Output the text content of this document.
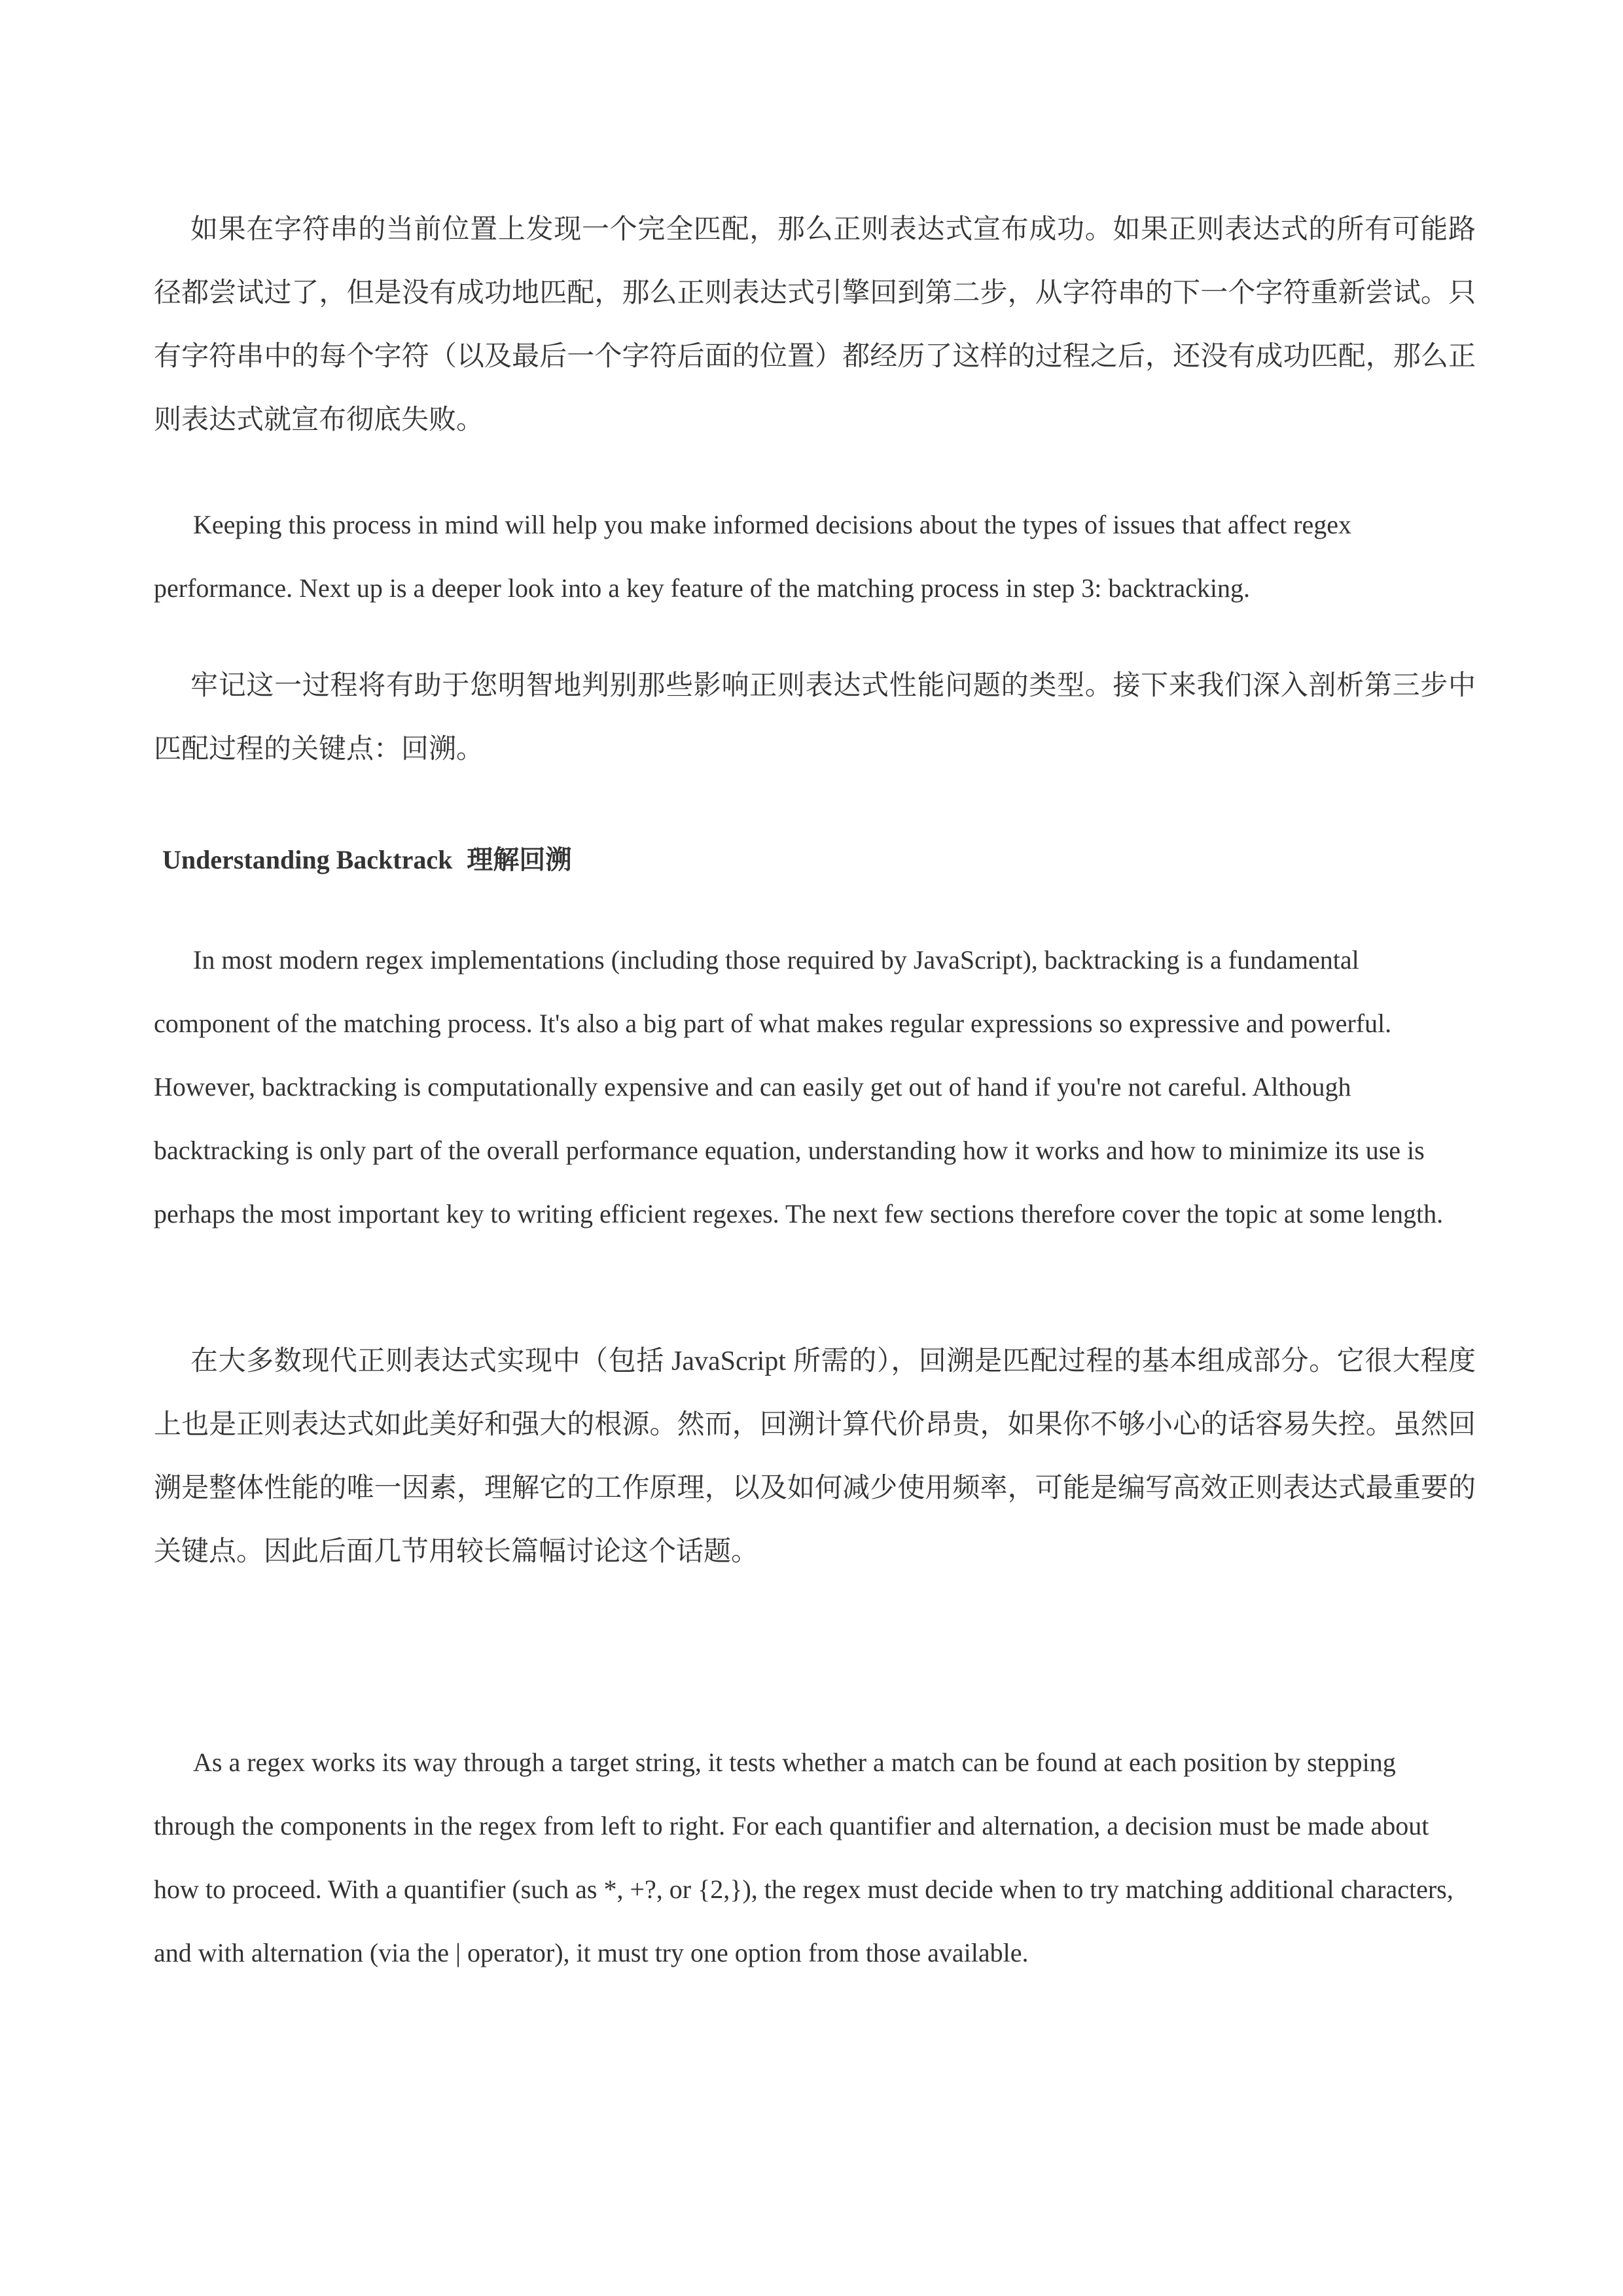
如果在字符串的当前位置上发现一个完全匹配，那么正则表达式宣布成功。如果正则表达式的所有可能路径都尝试过了，但是没有成功地匹配，那么正则表达式引擎回到第二步，从字符串的下一个字符重新尝试。只有字符串中的每个字符（以及最后一个字符后面的位置）都经历了这样的过程之后，还没有成功匹配，那么正则表达式就宣布彻底失败。

Keeping this process in mind will help you make informed decisions about the types of issues that affect regex performance. Next up is a deeper look into a key feature of the matching process in step 3: backtracking.

牢记这一过程将有助于您明智地判别那些影响正则表达式性能问题的类型。接下来我们深入剖析第三步中匹配过程的关键点：回溯。

Understanding Backtrack 理解回溯

In most modern regex implementations (including those required by JavaScript), backtracking is a fundamental component of the matching process. It's also a big part of what makes regular expressions so expressive and powerful. However, backtracking is computationally expensive and can easily get out of hand if you're not careful. Although backtracking is only part of the overall performance equation, understanding how it works and how to minimize its use is perhaps the most important key to writing efficient regexes. The next few sections therefore cover the topic at some length.

在大多数现代正则表达式实现中（包括 JavaScript 所需的），回溯是匹配过程的基本组成部分。它很大程度上也是正则表达式如此美好和强大的根源。然而，回溯计算代价昂贵，如果你不够小心的话容易失控。虽然回溯是整体性能的唯一因素，理解它的工作原理，以及如何减少使用频率，可能是编写高效正则表达式最重要的关键点。因此后面几节用较长篇幅讨论这个话题。

As a regex works its way through a target string, it tests whether a match can be found at each position by stepping through the components in the regex from left to right. For each quantifier and alternation, a decision must be made about how to proceed. With a quantifier (such as *, +?, or {2,}), the regex must decide when to try matching additional characters, and with alternation (via the | operator), it must try one option from those available.
